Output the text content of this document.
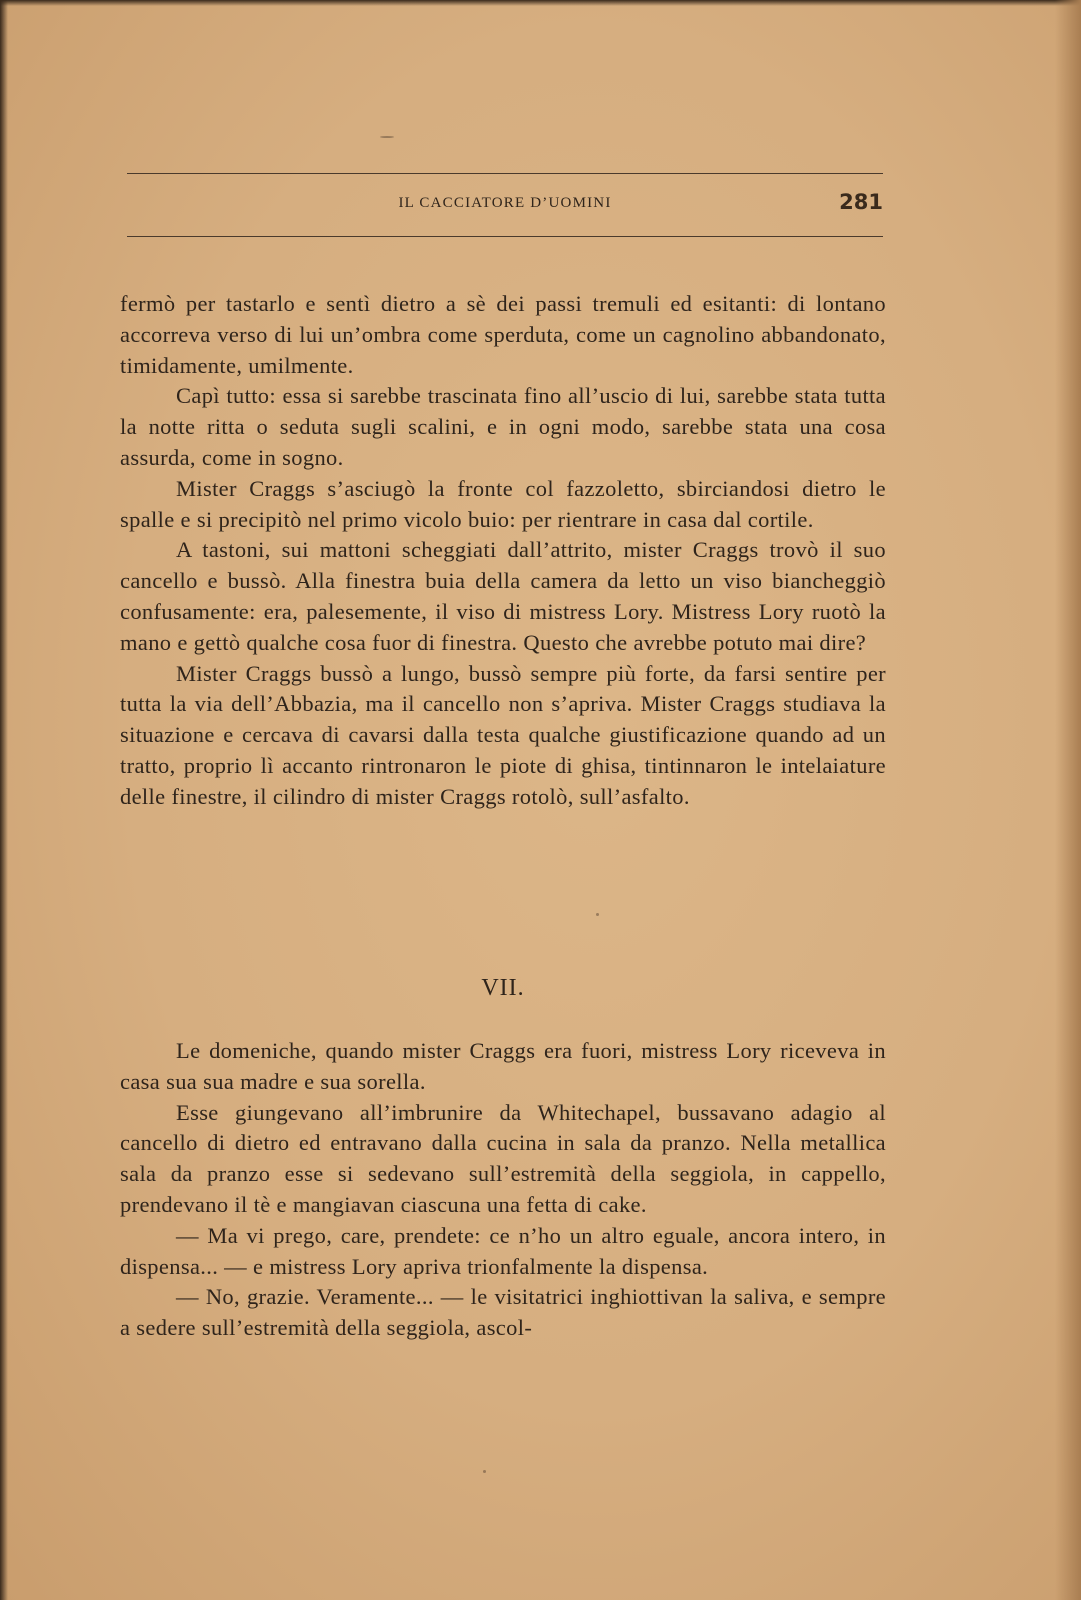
IL CACCIATORE D’UOMINI	281

fermò per tastarlo e sentì dietro a sè dei passi tremuli ed esitanti: di lontano accorreva verso di lui un’ombra come sperduta, come un cagnolino abbandonato, timidamente, umilmente.

Capì tutto: essa si sarebbe trascinata fino all’uscio di lui, sarebbe stata tutta la notte ritta o seduta sugli scalini, e in ogni modo, sarebbe stata una cosa assurda, come in sogno.

Mister Craggs s’asciugò la fronte col fazzoletto, sbirciandosi dietro le spalle e si precipitò nel primo vicolo buio: per rientrare in casa dal cortile.

A tastoni, sui mattoni scheggiati dall’attrito, mister Craggs trovò il suo cancello e bussò. Alla finestra buia della camera da letto un viso biancheggiò confusamente: era, palesemente, il viso di mistress Lory. Mistress Lory ruotò la mano e gettò qualche cosa fuor di finestra. Questo che avrebbe potuto mai dire?

Mister Craggs bussò a lungo, bussò sempre più forte, da farsi sentire per tutta la via dell’Abbazia, ma il cancello non s’apriva. Mister Craggs studiava la situazione e cercava di cavarsi dalla testa qualche giustificazione quando ad un tratto, proprio lì accanto rintronaron le piote di ghisa, tintinnaron le intelaiature delle finestre, il cilindro di mister Craggs rotolò, sull’asfalto.

VII.

Le domeniche, quando mister Craggs era fuori, mistress Lory riceveva in casa sua sua madre e sua sorella.

Esse giungevano all’imbrunire da Whitechapel, bussavano adagio al cancello di dietro ed entravano dalla cucina in sala da pranzo. Nella metallica sala da pranzo esse si sedevano sull’estremità della seggiola, in cappello, prendevano il tè e mangiavan ciascuna una fetta di cake.

— Ma vi prego, care, prendete: ce n’ho un altro eguale, ancora intero, in dispensa... — e mistress Lory apriva trionfalmente la dispensa.

— No, grazie. Veramente... — le visitatrici inghiottivan la saliva, e sempre a sedere sull’estremità della seggiola, ascol-
